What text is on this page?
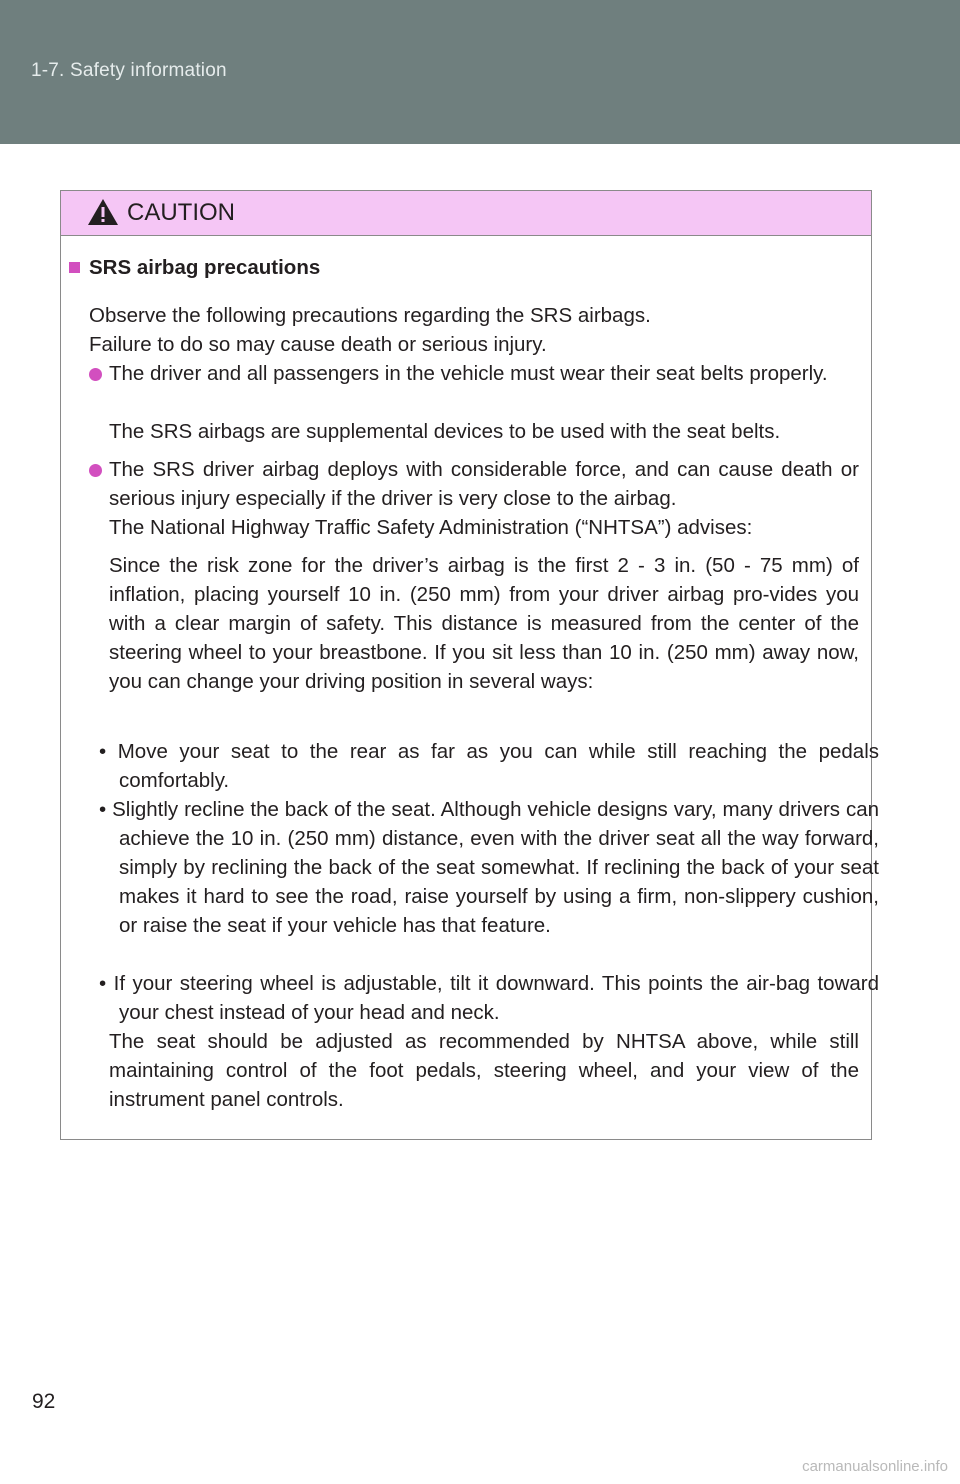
1-7. Safety information
CAUTION
SRS airbag precautions
Observe the following precautions regarding the SRS airbags.
Failure to do so may cause death or serious injury.
The driver and all passengers in the vehicle must wear their seat belts properly.
The SRS airbags are supplemental devices to be used with the seat belts.
The SRS driver airbag deploys with considerable force, and can cause death or serious injury especially if the driver is very close to the airbag.
The National Highway Traffic Safety Administration (“NHTSA”) advises:
Since the risk zone for the driver’s airbag is the first 2 - 3 in. (50 - 75 mm) of inflation, placing yourself 10 in. (250 mm) from your driver airbag pro-vides you with a clear margin of safety. This distance is measured from the center of the steering wheel to your breastbone. If you sit less than 10 in. (250 mm) away now, you can change your driving position in several ways:
• Move your seat to the rear as far as you can while still reaching the pedals comfortably.
• Slightly recline the back of the seat. Although vehicle designs vary, many drivers can achieve the 10 in. (250 mm) distance, even with the driver seat all the way forward, simply by reclining the back of the seat somewhat. If reclining the back of your seat makes it hard to see the road, raise yourself by using a firm, non-slippery cushion, or raise the seat if your vehicle has that feature.
• If your steering wheel is adjustable, tilt it downward. This points the air-bag toward your chest instead of your head and neck.
The seat should be adjusted as recommended by NHTSA above, while still maintaining control of the foot pedals, steering wheel, and your view of the instrument panel controls.
92
carmanualsonline.info
